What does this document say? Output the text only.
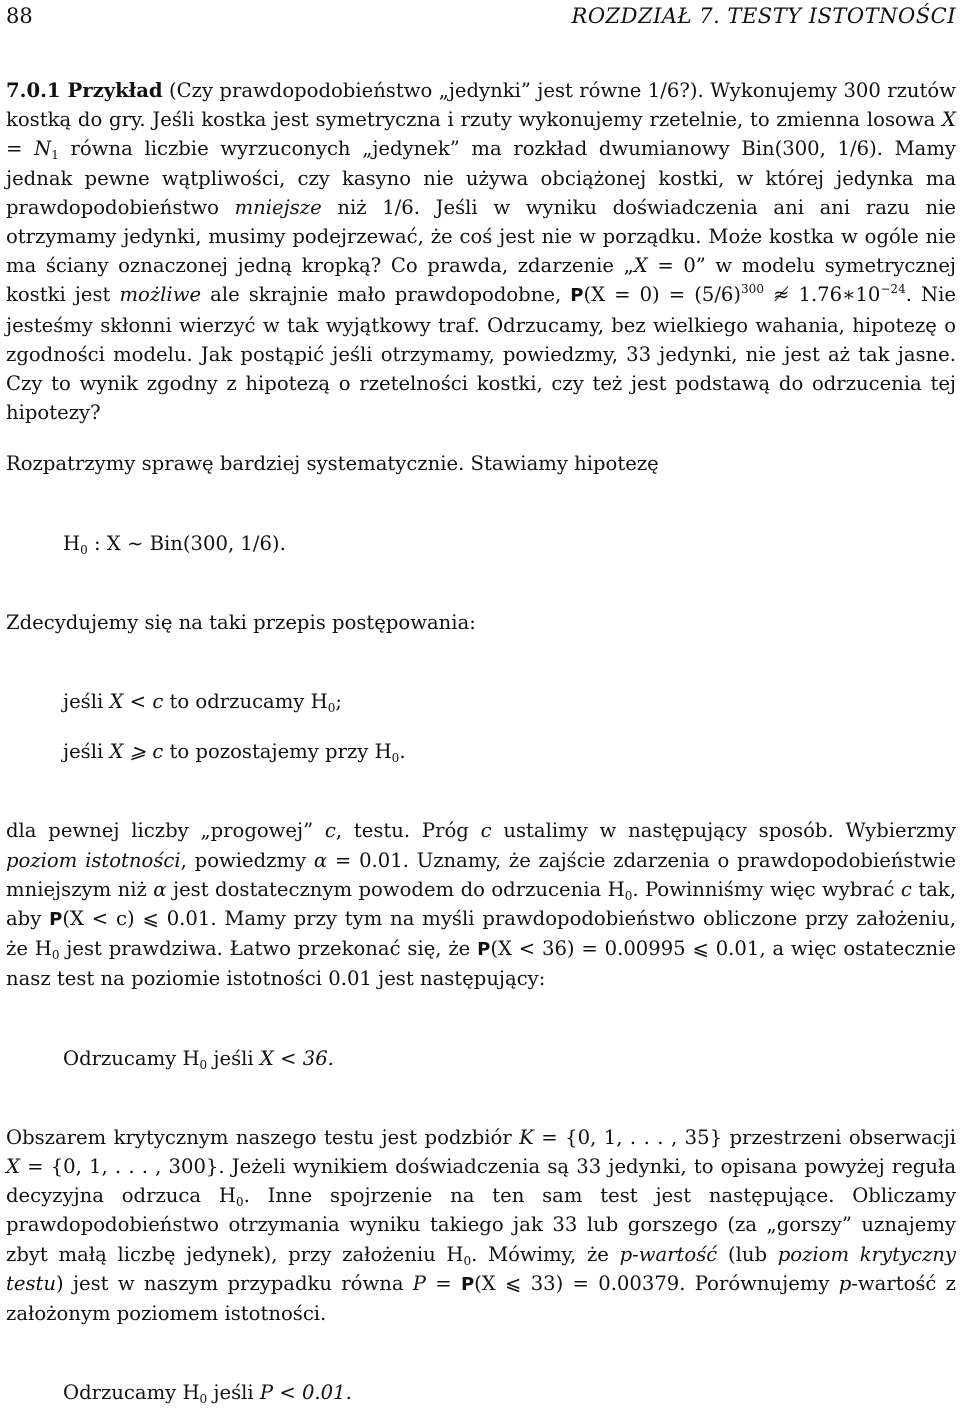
88	ROZDZIAŁ 7. TESTY ISTOTNOŚCI

7.0.1 Przykład (Czy prawdopodobieństwo „jedynki” jest równe 1/6?). Wykonujemy 300 rzutów kostką do gry. Jeśli kostka jest symetryczna i rzuty wykonujemy rzetelnie, to zmienna losowa $X = N_1$ równa liczbie wyrzuconych „jedynek” ma rozkład dwumianowy Bin(300, 1/6). Mamy jednak pewne wątpliwości, czy kasyno nie używa obciążonej kostki, w której jedynka ma prawdopodobieństwo mniejsze niż 1/6. Jeśli w wyniku doświadczenia ani ani razu nie otrzymamy jedynki, musimy podejrzewać, że coś jest nie w porządku. Może kostka w ogóle nie ma ściany oznaczonej jedną kropką? Co prawda, zdarzenie „X = 0” w modelu symetrycznej kostki jest możliwe ale skrajnie mało prawdopodobne, $P(X = 0) = (5/6)^{300}$ ≉ $1.76∗10^{-24}$. Nie jesteśmy skłonni wierzyć w tak wyjątkowy traf. Odrzucamy, bez wielkiego wahania, hipotezę o zgodności modelu. Jak postąpić jeśli otrzymamy, powiedzmy, 33 jedynki, nie jest aż tak jasne. Czy to wynik zgodny z hipotezą o rzetelności kostki, czy też jest podstawą do odrzucenia tej hipotezy?

Rozpatrzymy sprawę bardziej systematycznie. Stawiamy hipotezę

$H_0$ : X ∼ Bin(300, 1/6).

Zdecydujemy się na taki przepis postępowania:

jeśli X < c to odrzucamy $H_0$;

jeśli X ⩾ c to pozostajemy przy $H_0$.

dla pewnej liczby „progowej” c, testu. Próg c ustalimy w następujący sposób. Wybierzmy poziom istotności, powiedzmy α = 0.01. Uznamy, że zajście zdarzenia o prawdopodobieństwie mniejszym niż α jest dostatecznym powodem do odrzucenia $H_0$. Powinniśmy więc wybrać c tak, aby P(X < c) ⩽ 0.01. Mamy przy tym na myśli prawdopodobieństwo obliczone przy założeniu, że $H_0$ jest prawdziwa. Łatwo przekonać się, że P(X < 36) = 0.00995 ⩽ 0.01, a więc ostatecznie nasz test na poziomie istotności 0.01 jest następujący:

Odrzucamy $H_0$ jeśli X < 36.

Obszarem krytycznym naszego testu jest podzbiór K = {0, 1, . . . , 35} przestrzeni obserwacji X = {0, 1, . . . , 300}. Jeżeli wynikiem doświadczenia są 33 jedynki, to opisana powyżej reguła decyzyjna odrzuca $H_0$. Inne spojrzenie na ten sam test jest następujące. Obliczamy prawdopodobieństwo otrzymania wyniku takiego jak 33 lub gorszego (za „gorszy” uznajemy zbyt małą liczbę jedynek), przy założeniu $H_0$. Mówimy, że p-wartość (lub poziom krytyczny testu) jest w naszym przypadku równa P = P(X ⩽ 33) = 0.00379. Porównujemy p-wartość z założonym poziomem istotności.

Odrzucamy $H_0$ jeśli P < 0.01.
